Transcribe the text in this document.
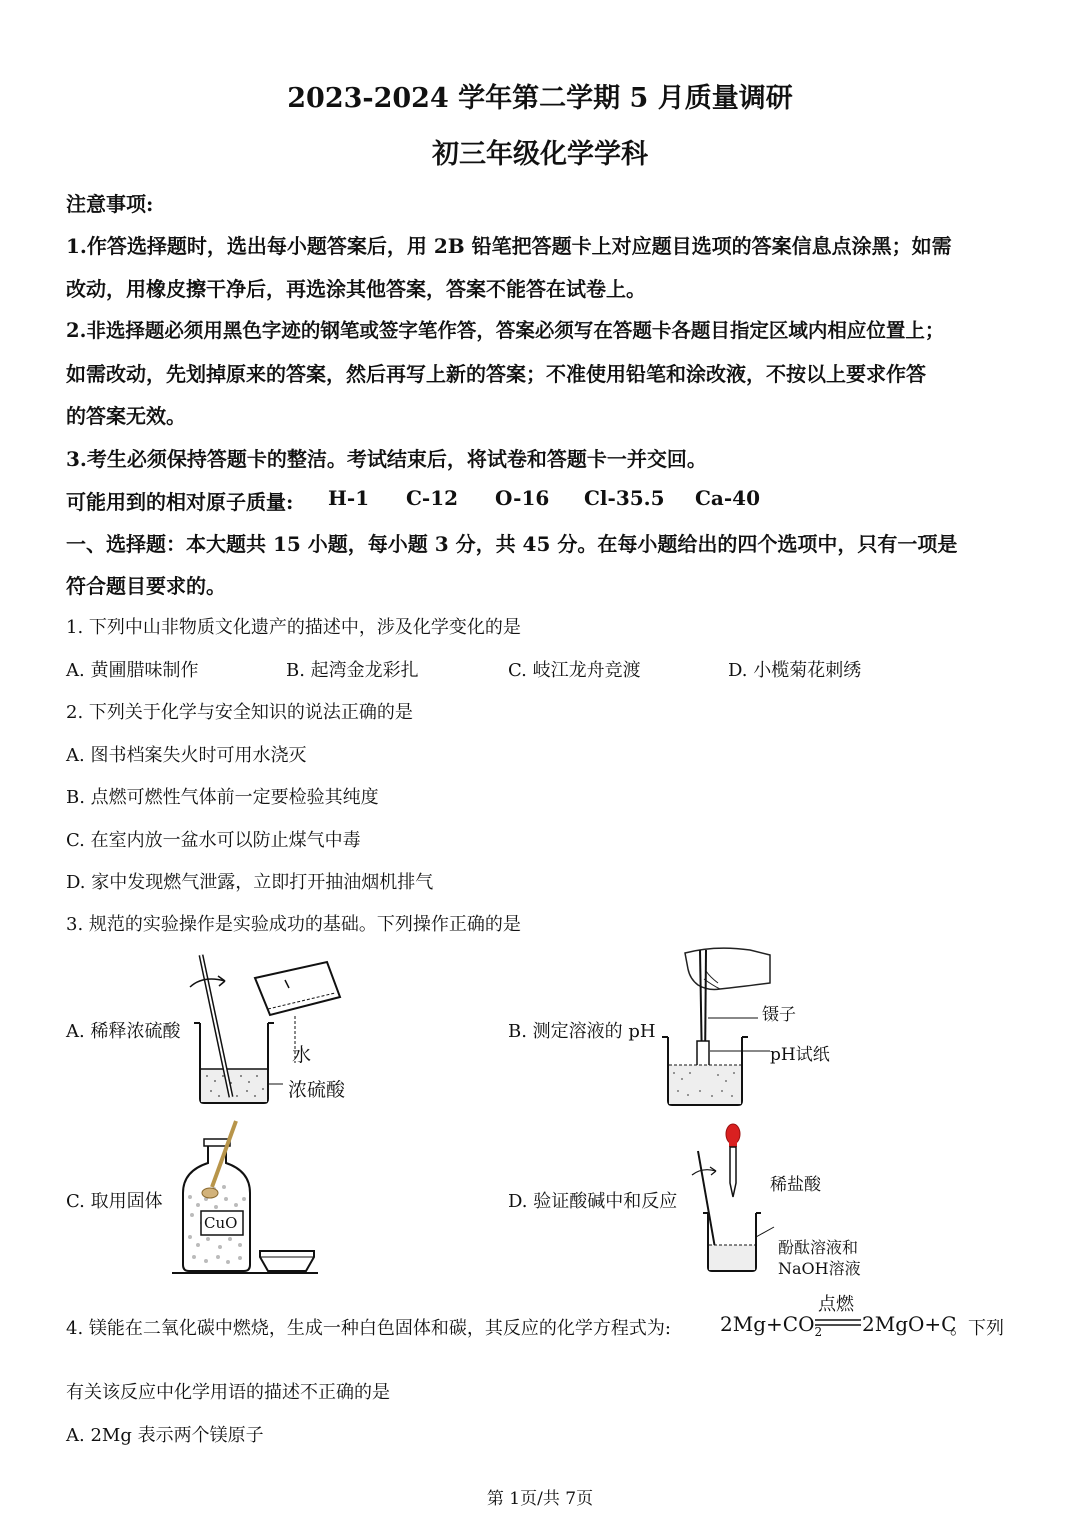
2023-2024 学年第二学期 5 月质量调研
初三年级化学学科
注意事项:
1.作答选择题时，选出每小题答案后，用 2B 铅笔把答题卡上对应题目选项的答案信息点涂黑；如需
改动，用橡皮擦干净后，再选涂其他答案，答案不能答在试卷上。
2.非选择题必须用黑色字迹的钢笔或签字笔作答，答案必须写在答题卡各题目指定区域内相应位置上；
如需改动，先划掉原来的答案，然后再写上新的答案；不准使用铅笔和涂改液，不按以上要求作答
的答案无效。
3.考生必须保持答题卡的整洁。考试结束后，将试卷和答题卡一并交回。
可能用到的相对原子质量: H-1 C-12 O-16 Cl-35.5 Ca-40
一、选择题：本大题共 15 小题，每小题 3 分，共 45 分。在每小题给出的四个选项中，只有一项是
符合题目要求的。
1. 下列中山非物质文化遗产的描述中，涉及化学变化的是
A. 黄圃腊味制作	B. 起湾金龙彩扎	C. 岐江龙舟竞渡	D. 小榄菊花刺绣
2. 下列关于化学与安全知识的说法正确的是
A. 图书档案失火时可用水浇灭
B. 点燃可燃性气体前一定要检验其纯度
C. 在室内放一盆水可以防止煤气中毒
D. 家中发现燃气泄露，立即打开抽油烟机排气
3. 规范的实验操作是实验成功的基础。下列操作正确的是
A. 稀释浓硫酸	B. 测定溶液的 pH
C. 取用固体	D. 验证酸碱中和反应
水
浓硫酸
镊子
pH试纸
CuO
稀盐酸
酚酞溶液和
NaOH溶液
4. 镁能在二氧化碳中燃烧，生成一种白色固体和碳，其反应的化学方程式为: $2Mg+CO_2$
点燃
2MgO+C
。下列
有关该反应中化学用语的描述不正确的是
A. 2Mg 表示两个镁原子
第 1页/共 7页
